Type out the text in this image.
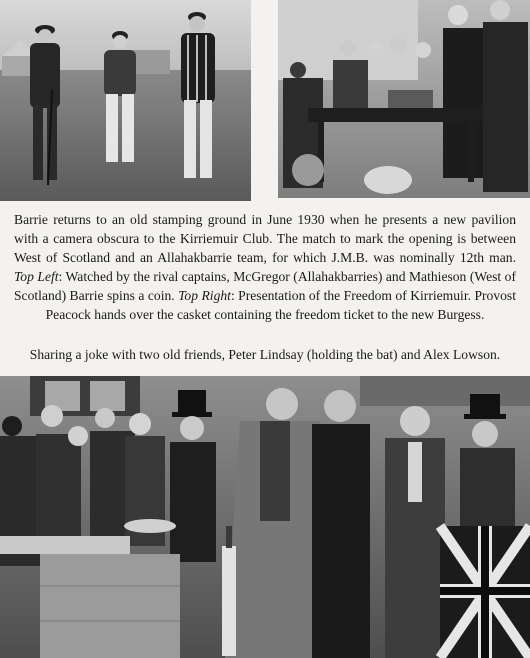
Barrie returns to an old stamping ground in June 1930 when he presents a new pavilion with a camera obscura to the Kirriemuir Club. The match to mark the opening is between West of Scotland and an Allahakbarrie team, for which J.M.B. was nominally 12th man. Top Left: Watched by the rival captains, McGregor (Allahakbarries) and Mathieson (West of Scotland) Barrie spins a coin. Top Right: Presentation of the Freedom of Kirriemuir. Provost Peacock hands over the casket containing the freedom ticket to the new Burgess.
Sharing a joke with two old friends, Peter Lindsay (holding the bat) and Alex Lowson.
